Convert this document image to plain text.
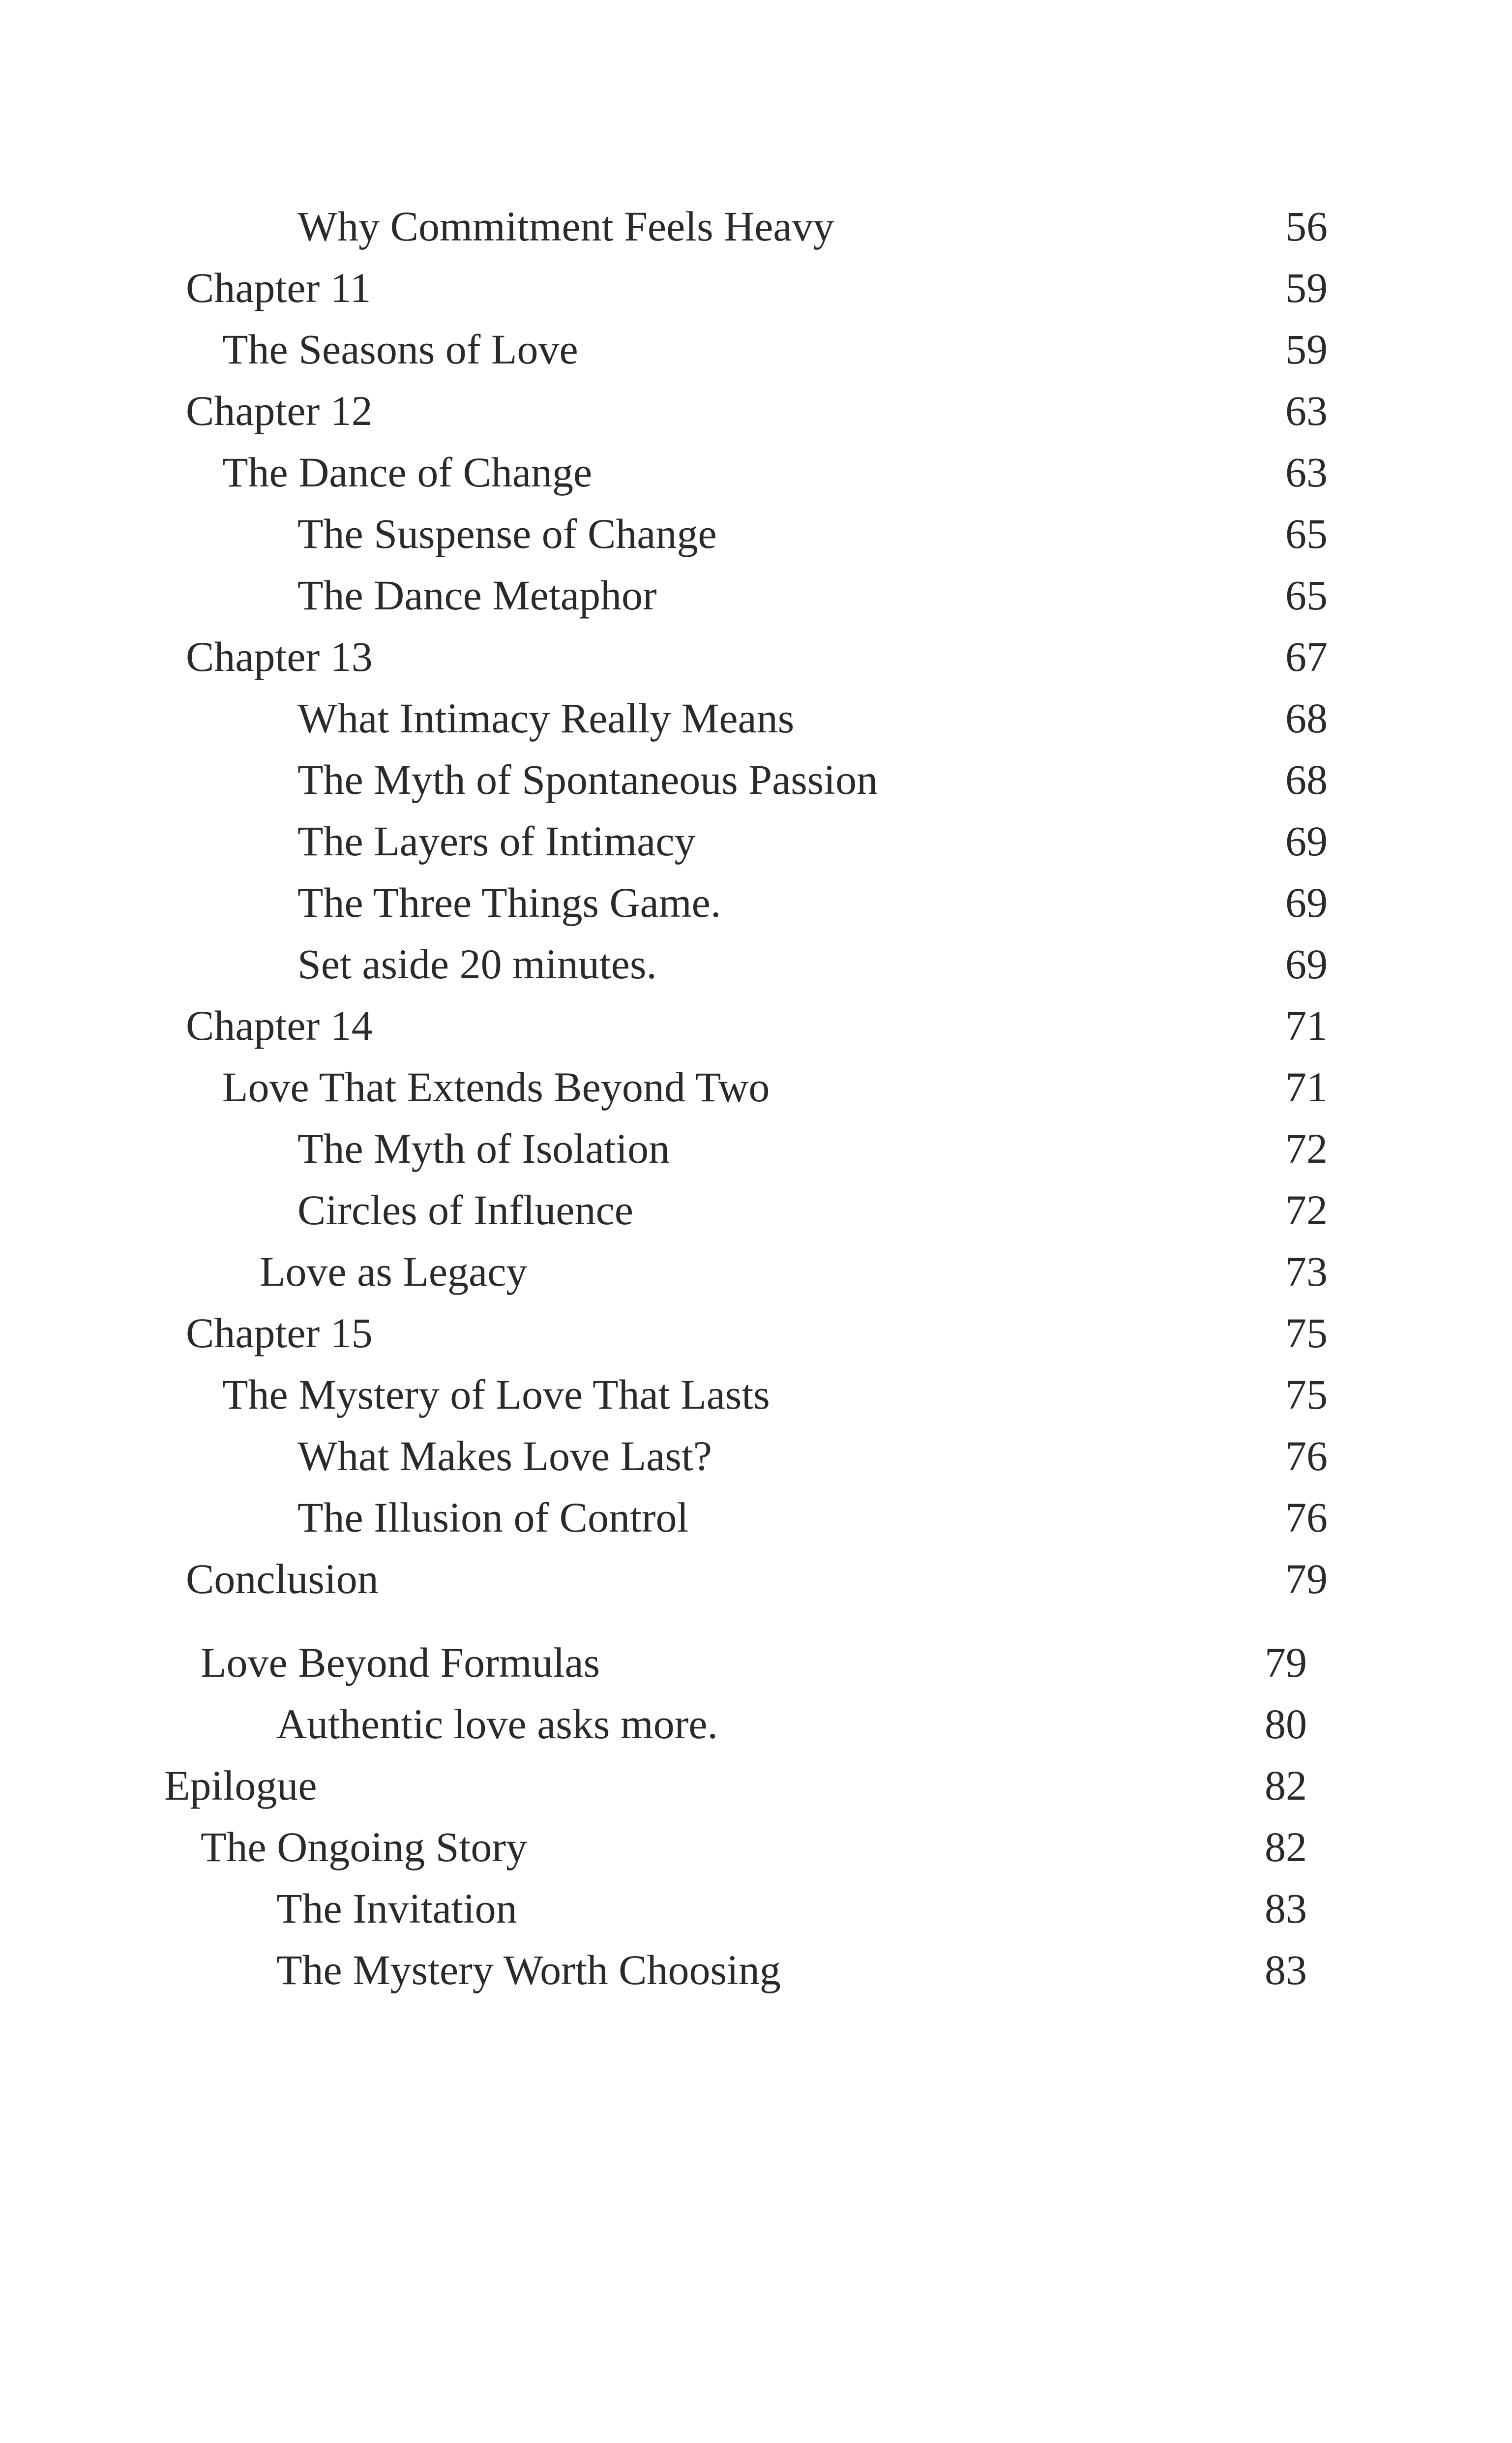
Why Commitment Feels Heavy	56
Chapter 11	59
The Seasons of Love	59
Chapter 12	63
The Dance of Change	63
The Suspense of Change	65
The Dance Metaphor	65
Chapter 13	67
What Intimacy Really Means	68
The Myth of Spontaneous Passion	68
The Layers of Intimacy	69
The Three Things Game.	69
Set aside 20 minutes.	69
Chapter 14	71
Love That Extends Beyond Two	71
The Myth of Isolation	72
Circles of Influence	72
Love as Legacy	73
Chapter 15	75
The Mystery of Love That Lasts	75
What Makes Love Last?	76
The Illusion of Control	76
Conclusion	79
Love Beyond Formulas	79
Authentic love asks more.	80
Epilogue	82
The Ongoing Story	82
The Invitation	83
The Mystery Worth Choosing	83
